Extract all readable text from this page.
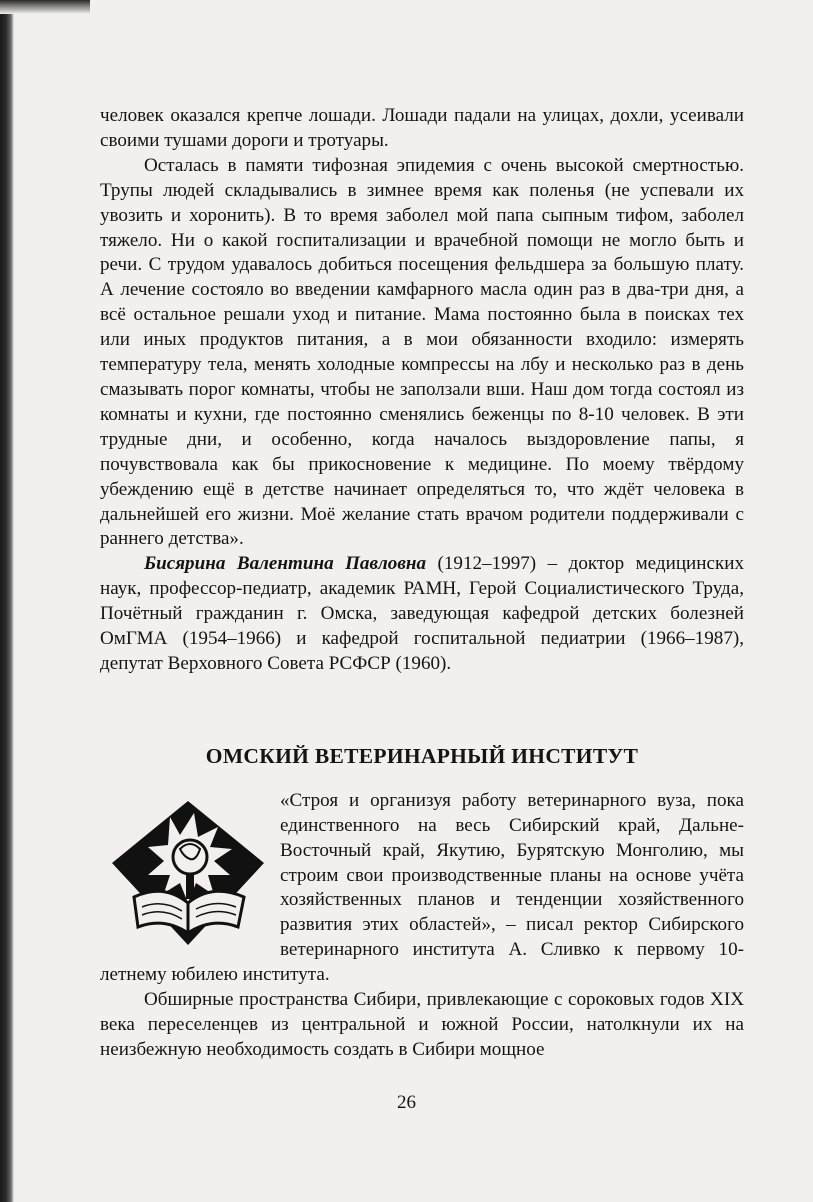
человек оказался крепче лошади. Лошади падали на улицах, дохли, усеивали своими тушами дороги и тротуары.

Осталась в памяти тифозная эпидемия с очень высокой смертностью. Трупы людей складывались в зимнее время как поленья (не успевали их увозить и хоронить). В то время заболел мой папа сыпным тифом, заболел тяжело. Ни о какой госпитализации и врачебной помощи не могло быть и речи. С трудом удавалось добиться посещения фельдшера за большую плату. А лечение состояло во введении камфарного масла один раз в два-три дня, а всё остальное решали уход и питание. Мама постоянно была в поисках тех или иных продуктов питания, а в мои обязанности входило: измерять температуру тела, менять холодные компрессы на лбу и несколько раз в день смазывать порог комнаты, чтобы не заползали вши. Наш дом тогда состоял из комнаты и кухни, где постоянно сменялись беженцы по 8-10 человек. В эти трудные дни, и особенно, когда началось выздоровление папы, я почувствовала как бы прикосновение к медицине. По моему твёрдому убеждению ещё в детстве начинает определяться то, что ждёт человека в дальнейшей его жизни. Моё желание стать врачом родители поддерживали с раннего детства».

Бисярина Валентина Павловна (1912–1997) – доктор медицинских наук, профессор-педиатр, академик РАМН, Герой Социалистического Труда, Почётный гражданин г. Омска, заведующая кафедрой детских болезней ОмГМА (1954–1966) и кафедрой госпитальной педиатрии (1966–1987), депутат Верховного Совета РСФСР (1960).

ОМСКИЙ ВЕТЕРИНАРНЫЙ ИНСТИТУТ

«Строя и организуя работу ветеринарного вуза, пока единственного на весь Сибирский край, Дальне-Восточный край, Якутию, Бурятскую Монголию, мы строим свои производственные планы на основе учёта хозяйственных планов и тенденции хозяйственного развития этих областей», – писал ректор Сибирского ветеринарного института А. Сливко к первому 10-летнему юбилею института.

Обширные пространства Сибири, привлекающие с сороковых годов XIX века переселенцев из центральной и южной России, натолкнули их на неизбежную необходимость создать в Сибири мощное

26
